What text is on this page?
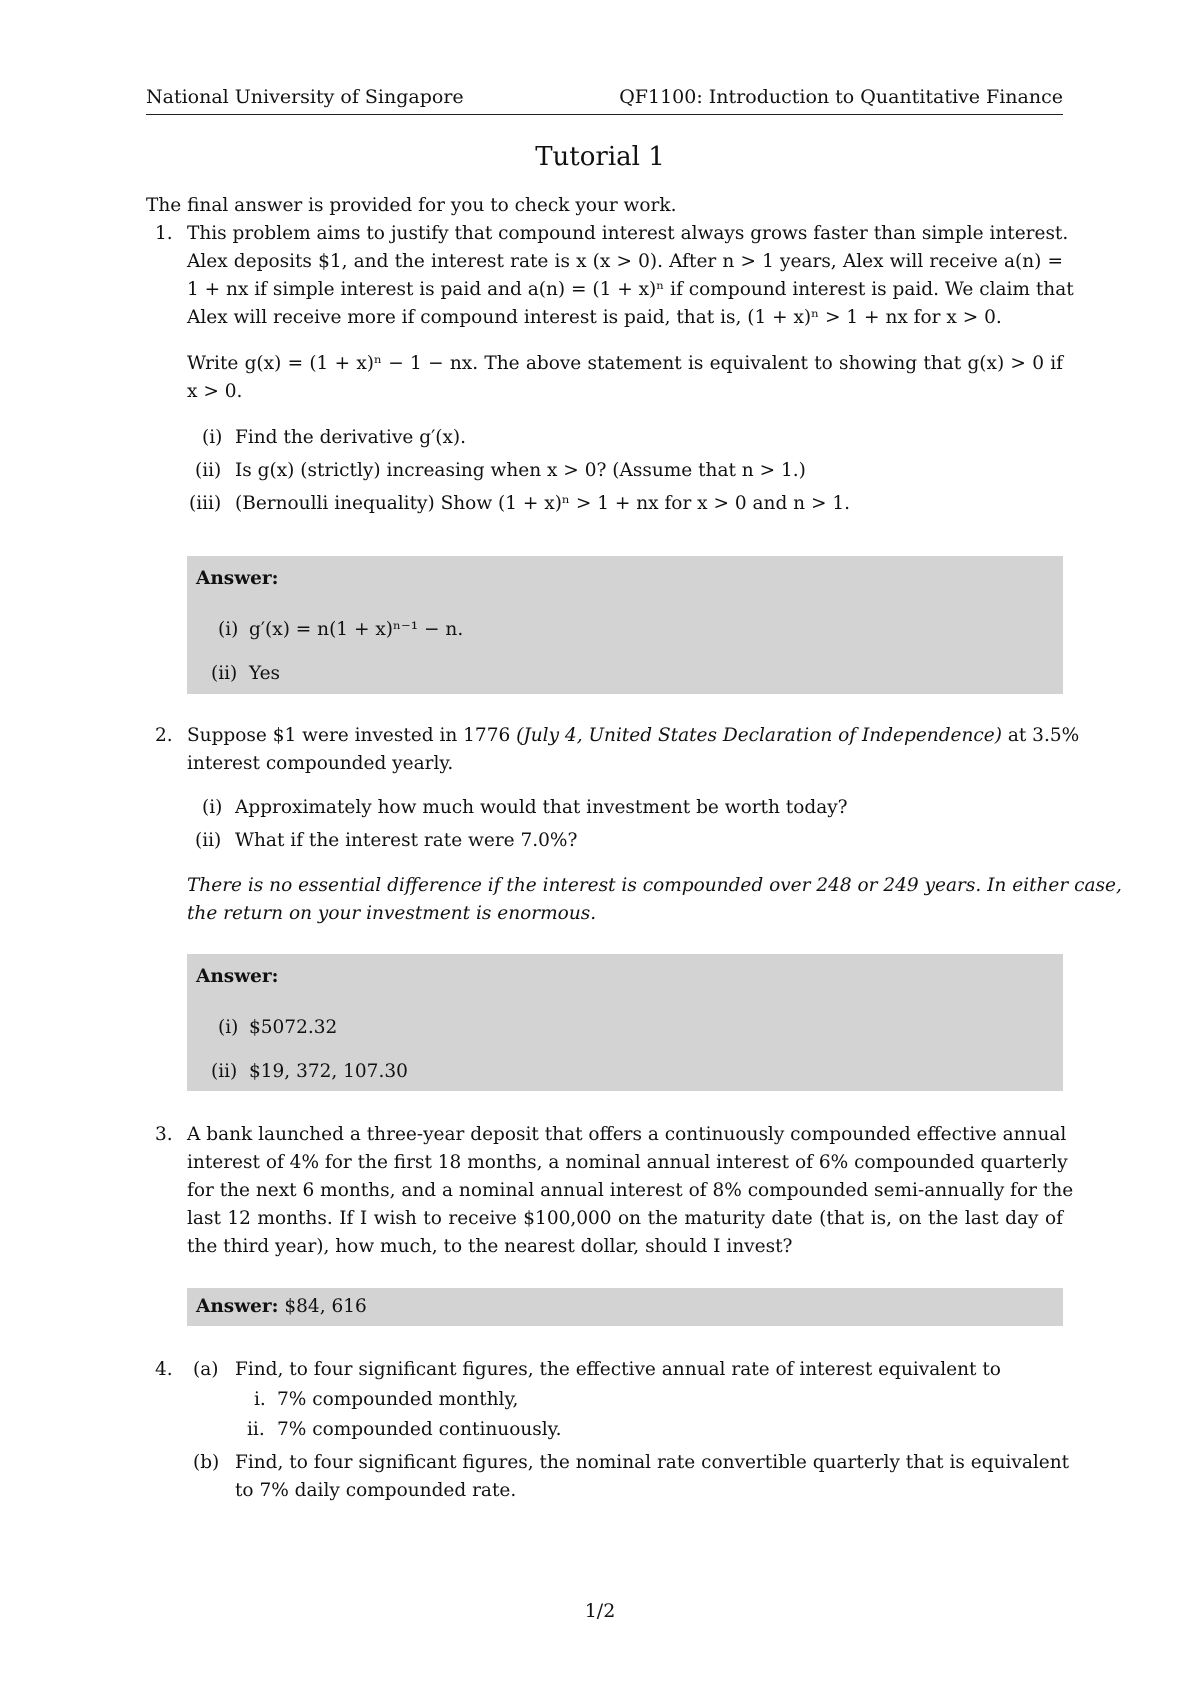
National University of Singapore	QF1100: Introduction to Quantitative Finance
Tutorial 1
The final answer is provided for you to check your work.
1. This problem aims to justify that compound interest always grows faster than simple interest.
Alex deposits $1, and the interest rate is x (x > 0). After n > 1 years, Alex will receive a(n) =
1 + nx if simple interest is paid and a(n) = (1 + x)ⁿ if compound interest is paid. We claim that
Alex will receive more if compound interest is paid, that is, (1 + x)ⁿ > 1 + nx for x > 0.
Write g(x) = (1 + x)ⁿ − 1 − nx. The above statement is equivalent to showing that g(x) > 0 if
x > 0.
(i) Find the derivative g′(x).
(ii) Is g(x) (strictly) increasing when x > 0? (Assume that n > 1.)
(iii) (Bernoulli inequality) Show (1 + x)ⁿ > 1 + nx for x > 0 and n > 1.
Answer:
(i) g′(x) = n(1 + x)ⁿ⁻¹ − n.
(ii) Yes
2. Suppose $1 were invested in 1776 (July 4, United States Declaration of Independence) at 3.5%
interest compounded yearly.
(i) Approximately how much would that investment be worth today?
(ii) What if the interest rate were 7.0%?
There is no essential difference if the interest is compounded over 248 or 249 years. In either case,
the return on your investment is enormous.
Answer:
(i) $5072.32
(ii) $19, 372, 107.30
3. A bank launched a three-year deposit that offers a continuously compounded effective annual
interest of 4% for the first 18 months, a nominal annual interest of 6% compounded quarterly
for the next 6 months, and a nominal annual interest of 8% compounded semi-annually for the
last 12 months. If I wish to receive $100,000 on the maturity date (that is, on the last day of
the third year), how much, to the nearest dollar, should I invest?
Answer: $84, 616
4. (a) Find, to four significant figures, the effective annual rate of interest equivalent to
i. 7% compounded monthly,
ii. 7% compounded continuously.
(b) Find, to four significant figures, the nominal rate convertible quarterly that is equivalent
to 7% daily compounded rate.
1/2
